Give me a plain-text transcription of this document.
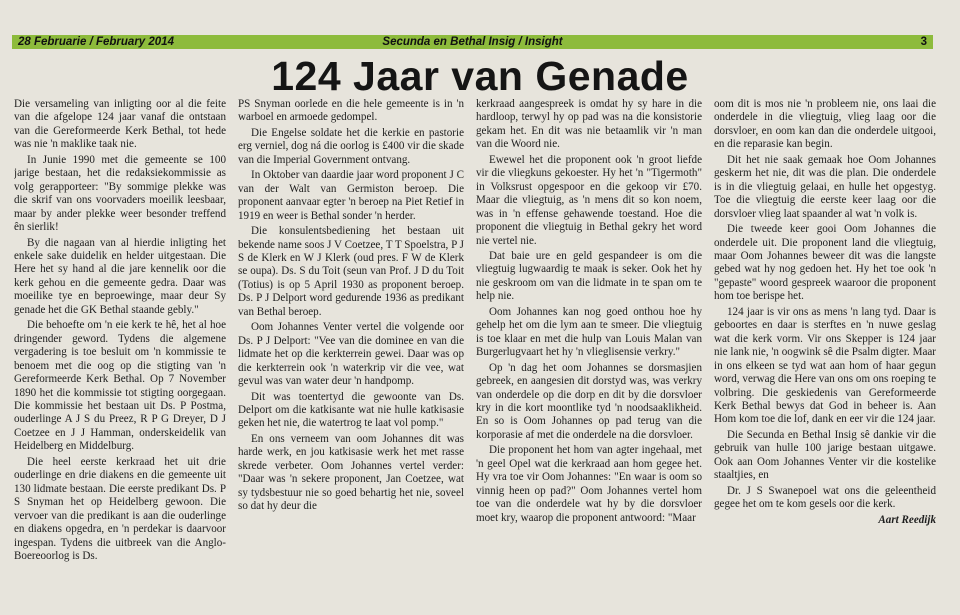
28 Februarie / February 2014	Secunda en Bethal Insig / Insight	3
124 Jaar van Genade

Die versameling van inligting oor al die feite van die afgelope 124 jaar vanaf die ontstaan van die Gereformeerde Kerk Bethal, tot hede was nie 'n maklike taak nie.

In Junie 1990 met die gemeente se 100 jarige bestaan, het die redaksiekommissie as volg gerapporteer: "By sommige plekke was die skrif van ons voorvaders moeilik leesbaar, maar by ander plekke weer besonder treffend ên sierlik!

By die nagaan van al hierdie inligting het enkele sake duidelik en helder uitgestaan. Die Here het sy hand al die jare kennelik oor die kerk gehou en die gemeente gedra. Daar was moeilike tye en beproewinge, maar deur Sy genade het die GK Bethal staande gebly."

Die behoefte om 'n eie kerk te hê, het al hoe dringender geword. Tydens die algemene vergadering is toe besluit om 'n kommissie te benoem met die oog op die stigting van 'n Gereformeerde Kerk Bethal. Op 7 November 1890 het die kommissie tot stigting oorgegaan. Die kommissie het bestaan uit Ds. P Postma, ouderlinge A J S du Preez, R P G Dreyer, D J Coetzee en J J Hamman, onderskeidelik van Heidelberg en Middelburg.

Die heel eerste kerkraad het uit drie ouderlinge en drie diakens en die gemeente uit 130 lidmate bestaan. Die eerste predikant Ds. P S Snyman het op Heidelberg gewoon. Die vervoer van die predikant is aan die ouderlinge en diakens opgedra, en 'n perdekar is daarvoor ingespan. Tydens die uitbreek van die Anglo-Boereoorlog is Ds.

PS Snyman oorlede en die hele gemeente is in 'n warboel en armoede gedompel.

Die Engelse soldate het die kerkie en pastorie erg verniel, dog ná die oorlog is £400 vir die skade van die Imperial Government ontvang.

In Oktober van daardie jaar word proponent J C van der Walt van Germiston beroep. Die proponent aanvaar egter 'n beroep na Piet Retief in 1919 en weer is Bethal sonder 'n herder.

Die konsulentsbediening het bestaan uit bekende name soos J V Coetzee, T T Spoelstra, P J S de Klerk en W J Klerk (oud pres. F W de Klerk se oupa). Ds. S du Toit (seun van Prof. J D du Toit (Totius) is op 5 April 1930 as proponent beroep. Ds. P J Delport word gedurende 1936 as predikant van Bethal beroep.

Oom Johannes Venter vertel die volgende oor Ds. P J Delport: "Vee van die dominee en van die lidmate het op die kerkterrein gewei. Daar was op die kerkterrein ook 'n waterkrip vir die vee, wat gevul was van water deur 'n handpomp.

Dit was toentertyd die gewoonte van Ds. Delport om die katkisante wat nie hulle katkisasie geken het nie, die watertrog te laat vol pomp."

En ons verneem van oom Johannes dit was harde werk, en jou katkisasie werk het met rasse skrede verbeter. Oom Johannes vertel verder: "Daar was 'n sekere proponent, Jan Coetzee, wat sy tydsbestuur nie so goed behartig het nie, soveel so dat hy deur die

kerkraad aangespreek is omdat hy sy hare in die hardloop, terwyl hy op pad was na die konsistorie gekam het. En dit was nie betaamlik vir 'n man van die Woord nie.

Ewewel het die proponent ook 'n groot liefde vir die vliegkuns gekoester. Hy het 'n "Tigermoth" in Volksrust opgespoor en die gekoop vir £70. Maar die vliegtuig, as 'n mens dit so kon noem, was in 'n effense gehawende toestand. Hoe die proponent die vliegtuig in Bethal gekry het word nie vertel nie.

Dat baie ure en geld gespandeer is om die vliegtuig lugwaardig te maak is seker. Ook het hy nie geskroom om van die lidmate in te span om te help nie.

Oom Johannes kan nog goed onthou hoe hy gehelp het om die lym aan te smeer. Die vliegtuig is toe klaar en met die hulp van Louis Malan van Burgerlugvaart het hy 'n vlieglisensie verkry."

Op 'n dag het oom Johannes se dorsmasjien gebreek, en aangesien dit dorstyd was, was verkry van onderdele op die dorp en dit by die dorsvloer kry in die kort moontlike tyd 'n noodsaaklikheid. En so is Oom Johannes op pad terug van die korporasie af met die onderdele na die dorsvloer.

Die proponent het hom van agter ingehaal, met 'n geel Opel wat die kerkraad aan hom gegee het. Hy vra toe vir Oom Johannes: "En waar is oom so vinnig heen op pad?" Oom Johannes vertel hom toe van die onderdele wat hy by die dorsvloer moet kry, waarop die proponent antwoord: "Maar

oom dit is mos nie 'n probleem nie, ons laai die onderdele in die vliegtuig, vlieg laag oor die dorsvloer, en oom kan dan die onderdele uitgooi, en die reparasie kan begin.

Dit het nie saak gemaak hoe Oom Johannes geskerm het nie, dit was die plan. Die onderdele is in die vliegtuig gelaai, en hulle het opgestyg. Toe die vliegtuig die eerste keer laag oor die dorsvloer vlieg laat spaander al wat 'n volk is.

Die tweede keer gooi Oom Johannes die onderdele uit. Die proponent land die vliegtuig, maar Oom Johannes beweer dit was die langste gebed wat hy nog gedoen het. Hy het toe ook 'n "gepaste" woord gespreek waaroor die proponent hom toe berispe het.

124 jaar is vir ons as mens 'n lang tyd. Daar is geboortes en daar is sterftes en 'n nuwe geslag wat die kerk vorm. Vir ons Skepper is 124 jaar nie lank nie, 'n oogwink sê die Psalm digter. Maar in ons elkeen se tyd wat aan hom of haar gegun word, verwag die Here van ons om ons roeping te volbring. Die geskiedenis van Gereformeerde Kerk Bethal bewys dat God in beheer is. Aan Hom kom toe die lof, dank en eer vir die 124 jaar.

Die Secunda en Bethal Insig sê dankie vir die gebruik van hulle 100 jarige bestaan uitgawe. Ook aan Oom Johannes Venter vir die kostelike staaltjies, en

Dr. J S Swanepoel wat ons die geleentheid gegee het om te kom gesels oor die kerk.

Aart Reedijk
